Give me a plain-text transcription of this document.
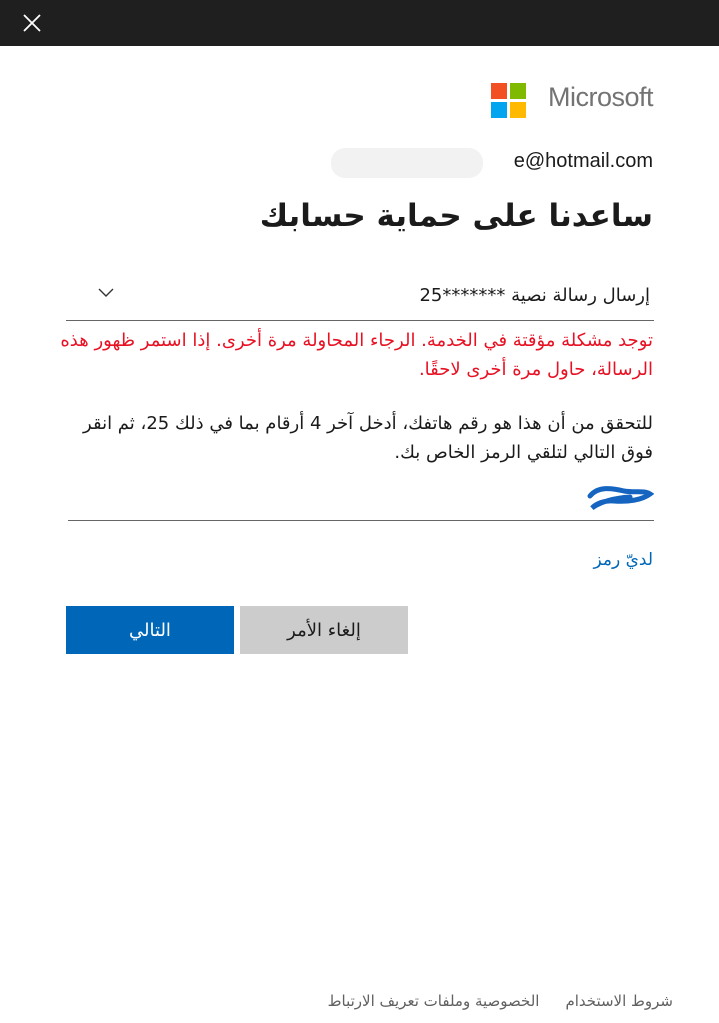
Microsoft
e@hotmail.com
ساعدنا على حماية حسابك
إرسال رسالة نصية *******25
توجد مشكلة مؤقتة في الخدمة. الرجاء المحاولة مرة أخرى. إذا استمر ظهور هذه الرسالة، حاول مرة أخرى لاحقًا.
للتحقق من أن هذا هو رقم هاتفك، أدخل آخر 4 أرقام بما في ذلك 25، ثم انقر فوق التالي لتلقي الرمز الخاص بك.
لديّ رمز
إلغاء الأمر
التالي
شروط الاستخدامالخصوصية وملفات تعريف الارتباط
